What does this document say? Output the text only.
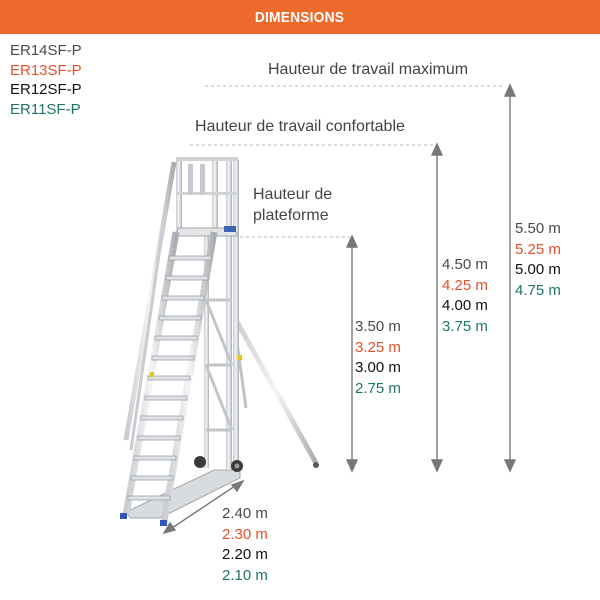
DIMENSIONS
ER14SF-P
ER13SF-P
ER12SF-P
ER11SF-P
Hauteur de travail maximum
Hauteur de travail confortable
Hauteur de
plateforme
5.50 m
5.25 m
5.00 m
4.75 m
4.50 m
4.25 m
4.00 m
3.75 m
3.50 m
3.25 m
3.00 m
2.75 m
2.40 m
2.30 m
2.20 m
2.10 m
